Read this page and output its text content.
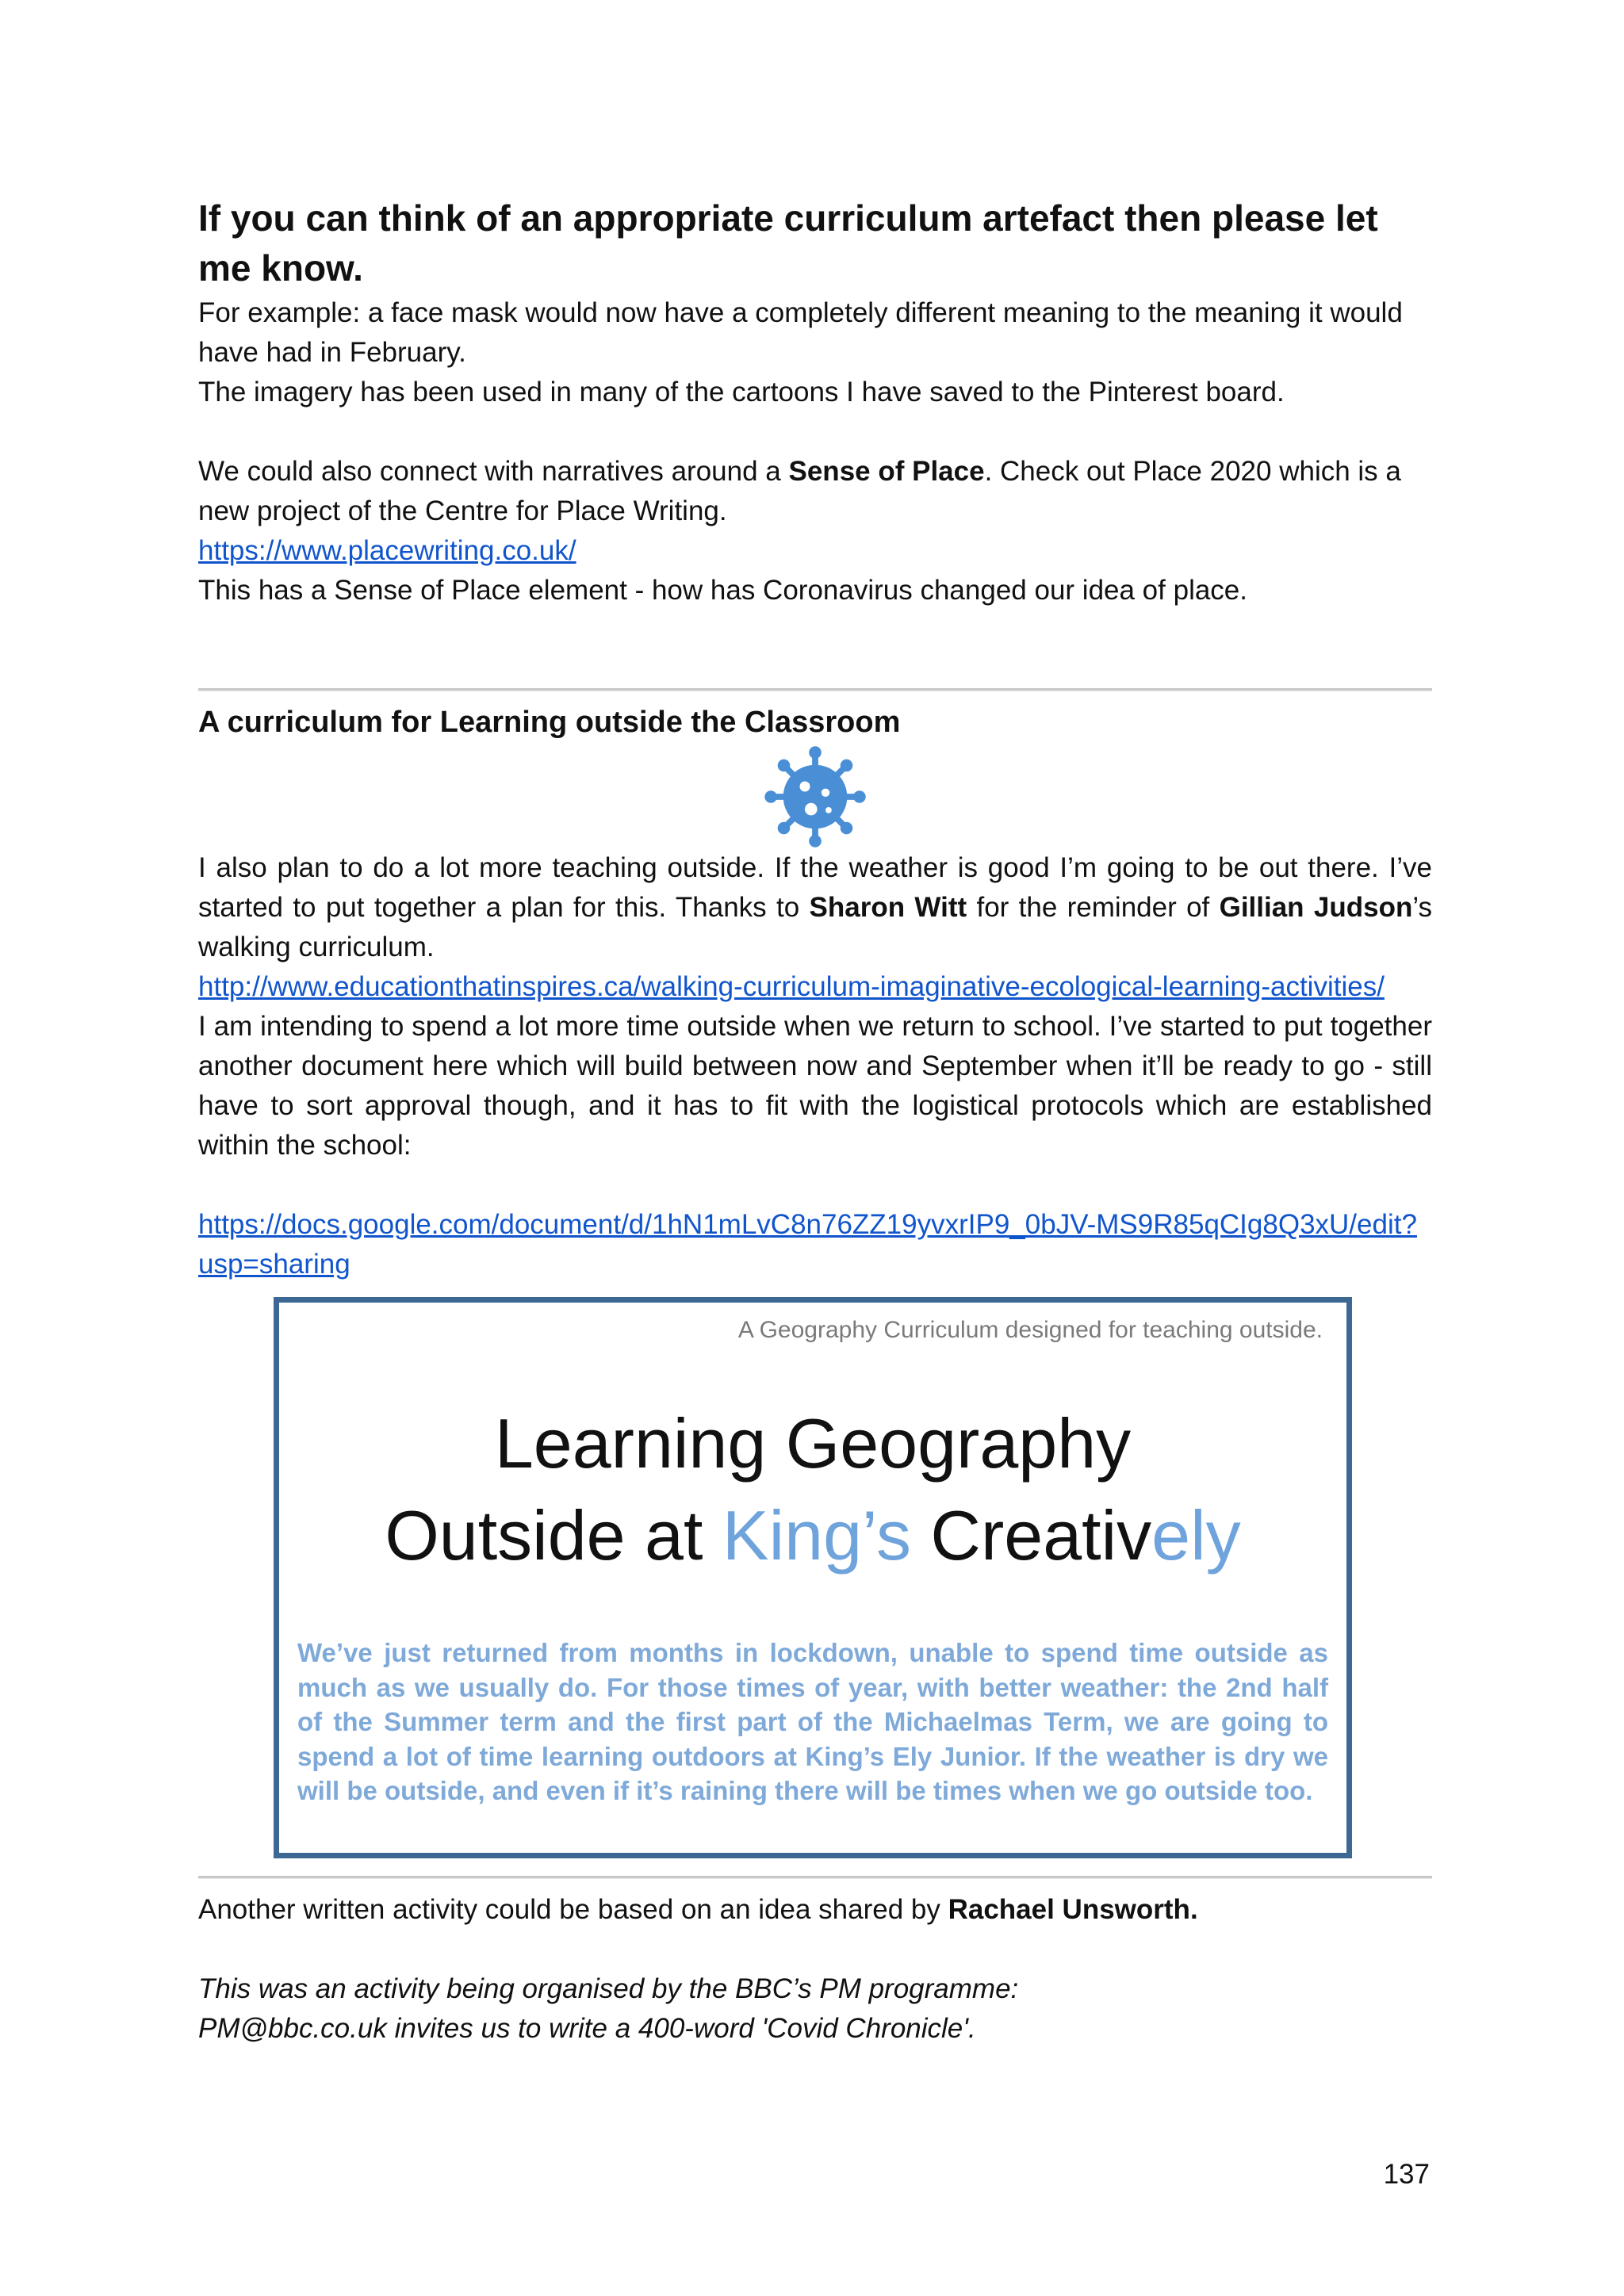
If you can think of an appropriate curriculum artefact then please let me know.

For example: a face mask would now have a completely different meaning to the meaning it would have had in February.

The imagery has been used in many of the cartoons I have saved to the Pinterest board.

We could also connect with narratives around a Sense of Place. Check out Place 2020 which is a new project of the Centre for Place Writing.

https://www.placewriting.co.uk/

This has a Sense of Place element - how has Coronavirus changed our idea of place.

A curriculum for Learning outside the Classroom

I also plan to do a lot more teaching outside. If the weather is good I’m going to be out there. I’ve started to put together a plan for this. Thanks to Sharon Witt for the reminder of Gillian Judson’s walking curriculum.

http://www.educationthatinspires.ca/walking-curriculum-imaginative-ecological-learning-activities/

I am intending to spend a lot more time outside when we return to school. I’ve started to put together another document here which will build between now and September when it’ll be ready to go - still have to sort approval though, and it has to fit with the logistical protocols which are established within the school:

https://docs.google.com/document/d/1hN1mLvC8n76ZZ19yvxrIP9_0bJV-MS9R85qCIg8Q3xU/edit?usp=sharing

A Geography Curriculum designed for teaching outside.
Learning Geography
Outside at King’s Creatively
We’ve just returned from months in lockdown, unable to spend time outside as much as we usually do. For those times of year, with better weather: the 2nd half of the Summer term and the first part of the Michaelmas Term, we are going to spend a lot of time learning outdoors at King’s Ely Junior. If the weather is dry we will be outside, and even if it’s raining there will be times when we go outside too.

Another written activity could be based on an idea shared by Rachael Unsworth.

This was an activity being organised by the BBC’s PM programme:

PM@bbc.co.uk invites us to write a 400-word 'Covid Chronicle'.

137
